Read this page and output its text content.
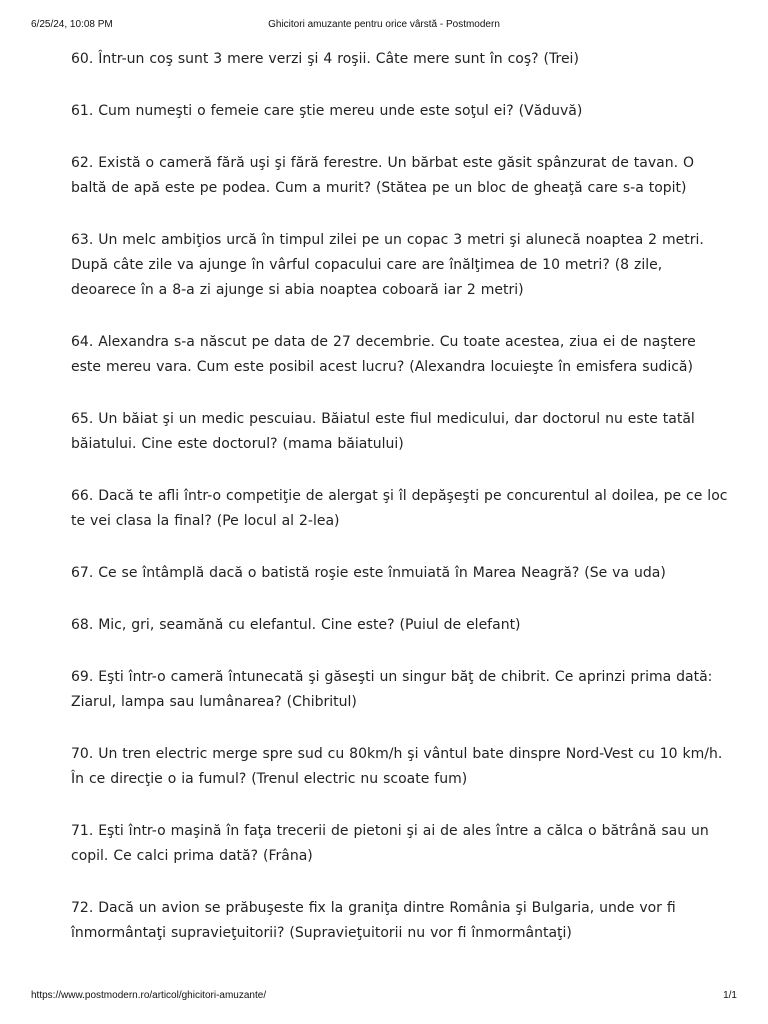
6/25/24, 10:08 PM	Ghicitori amuzante pentru orice vârstă - Postmodern

60. Într-un coş sunt 3 mere verzi şi 4 roşii. Câte mere sunt în coş? (Trei)

61. Cum numeşti o femeie care ştie mereu unde este soţul ei? (Văduvă)

62. Există o cameră fără uşi şi fără ferestre. Un bărbat este găsit spânzurat de tavan. O baltă de apă este pe podea. Cum a murit? (Stătea pe un bloc de gheaţă care s-a topit)

63. Un melc ambiţios urcă în timpul zilei pe un copac 3 metri şi alunecă noaptea 2 metri. După câte zile va ajunge în vârful copacului care are înălţimea de 10 metri? (8 zile, deoarece în a 8-a zi ajunge si abia noaptea coboară iar 2 metri)

64. Alexandra s-a născut pe data de 27 decembrie. Cu toate acestea, ziua ei de naştere este mereu vara. Cum este posibil acest lucru? (Alexandra locuieşte în emisfera sudică)

65. Un băiat şi un medic pescuiau. Băiatul este fiul medicului, dar doctorul nu este tatăl băiatului. Cine este doctorul? (mama băiatului)

66. Dacă te afli într-o competiţie de alergat şi îl depăşeşti pe concurentul al doilea, pe ce loc te vei clasa la final? (Pe locul al 2-lea)

67. Ce se întâmplă dacă o batistă roşie este înmuiată în Marea Neagră? (Se va uda)

68. Mic, gri, seamănă cu elefantul. Cine este? (Puiul de elefant)

69. Eşti într-o cameră întunecată şi găseşti un singur băţ de chibrit. Ce aprinzi prima dată: Ziarul, lampa sau lumânarea? (Chibritul)

70. Un tren electric merge spre sud cu 80km/h şi vântul bate dinspre Nord-Vest cu 10 km/h. În ce direcţie o ia fumul? (Trenul electric nu scoate fum)

71. Eşti într-o maşină în faţa trecerii de pietoni şi ai de ales între a călca o bătrână sau un copil. Ce calci prima dată? (Frâna)

72. Dacă un avion se prăbuşeste fix la graniţa dintre România şi Bulgaria, unde vor fi înmormântaţi supravieţuitorii? (Supravieţuitorii nu vor fi înmormântaţi)

https://www.postmodern.ro/articol/ghicitori-amuzante/	1/1
